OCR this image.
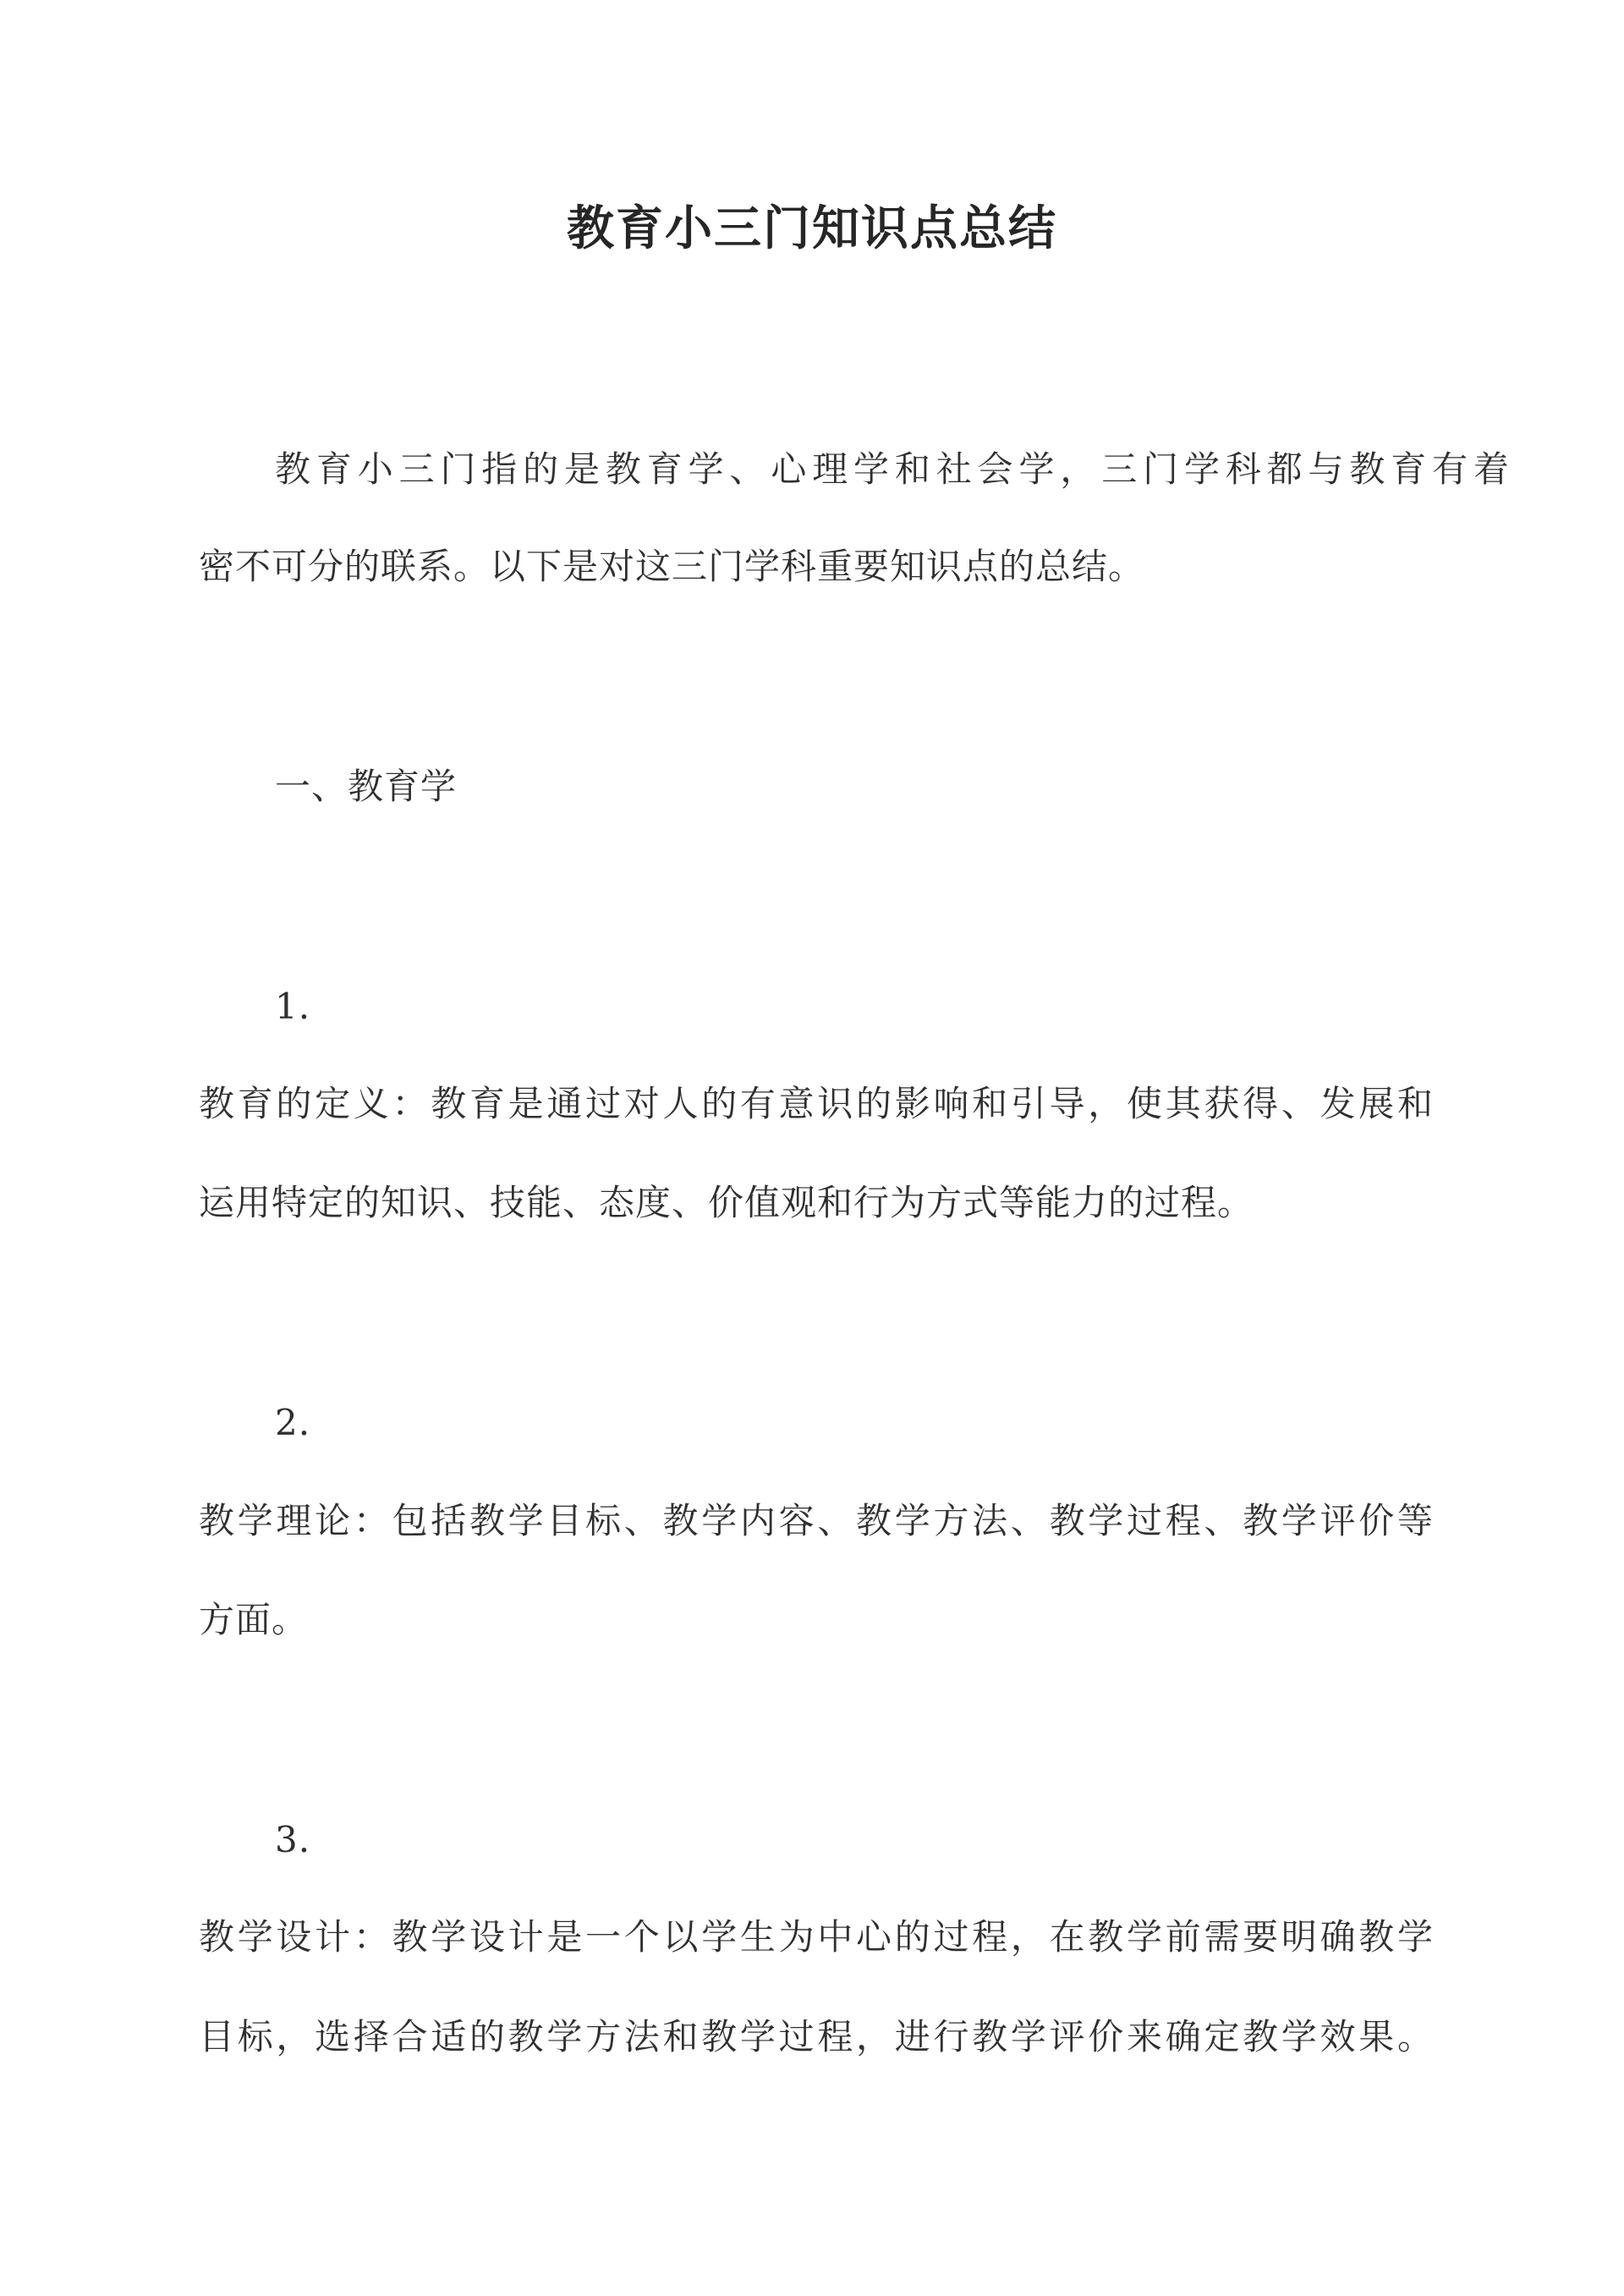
教育小三门知识点总结
教育小三门指的是教育学、心理学和社会学，三门学科都与教育有着
密不可分的联系。以下是对这三门学科重要知识点的总结。
一、教育学
1.
教育的定义：教育是通过对人的有意识的影响和引导，使其获得、发展和
运用特定的知识、技能、态度、价值观和行为方式等能力的过程。
2.
教学理论：包括教学目标、教学内容、教学方法、教学过程、教学评价等
方面。
3.
教学设计：教学设计是一个以学生为中心的过程，在教学前需要明确教学
目标，选择合适的教学方法和教学过程，进行教学评价来确定教学效果。
